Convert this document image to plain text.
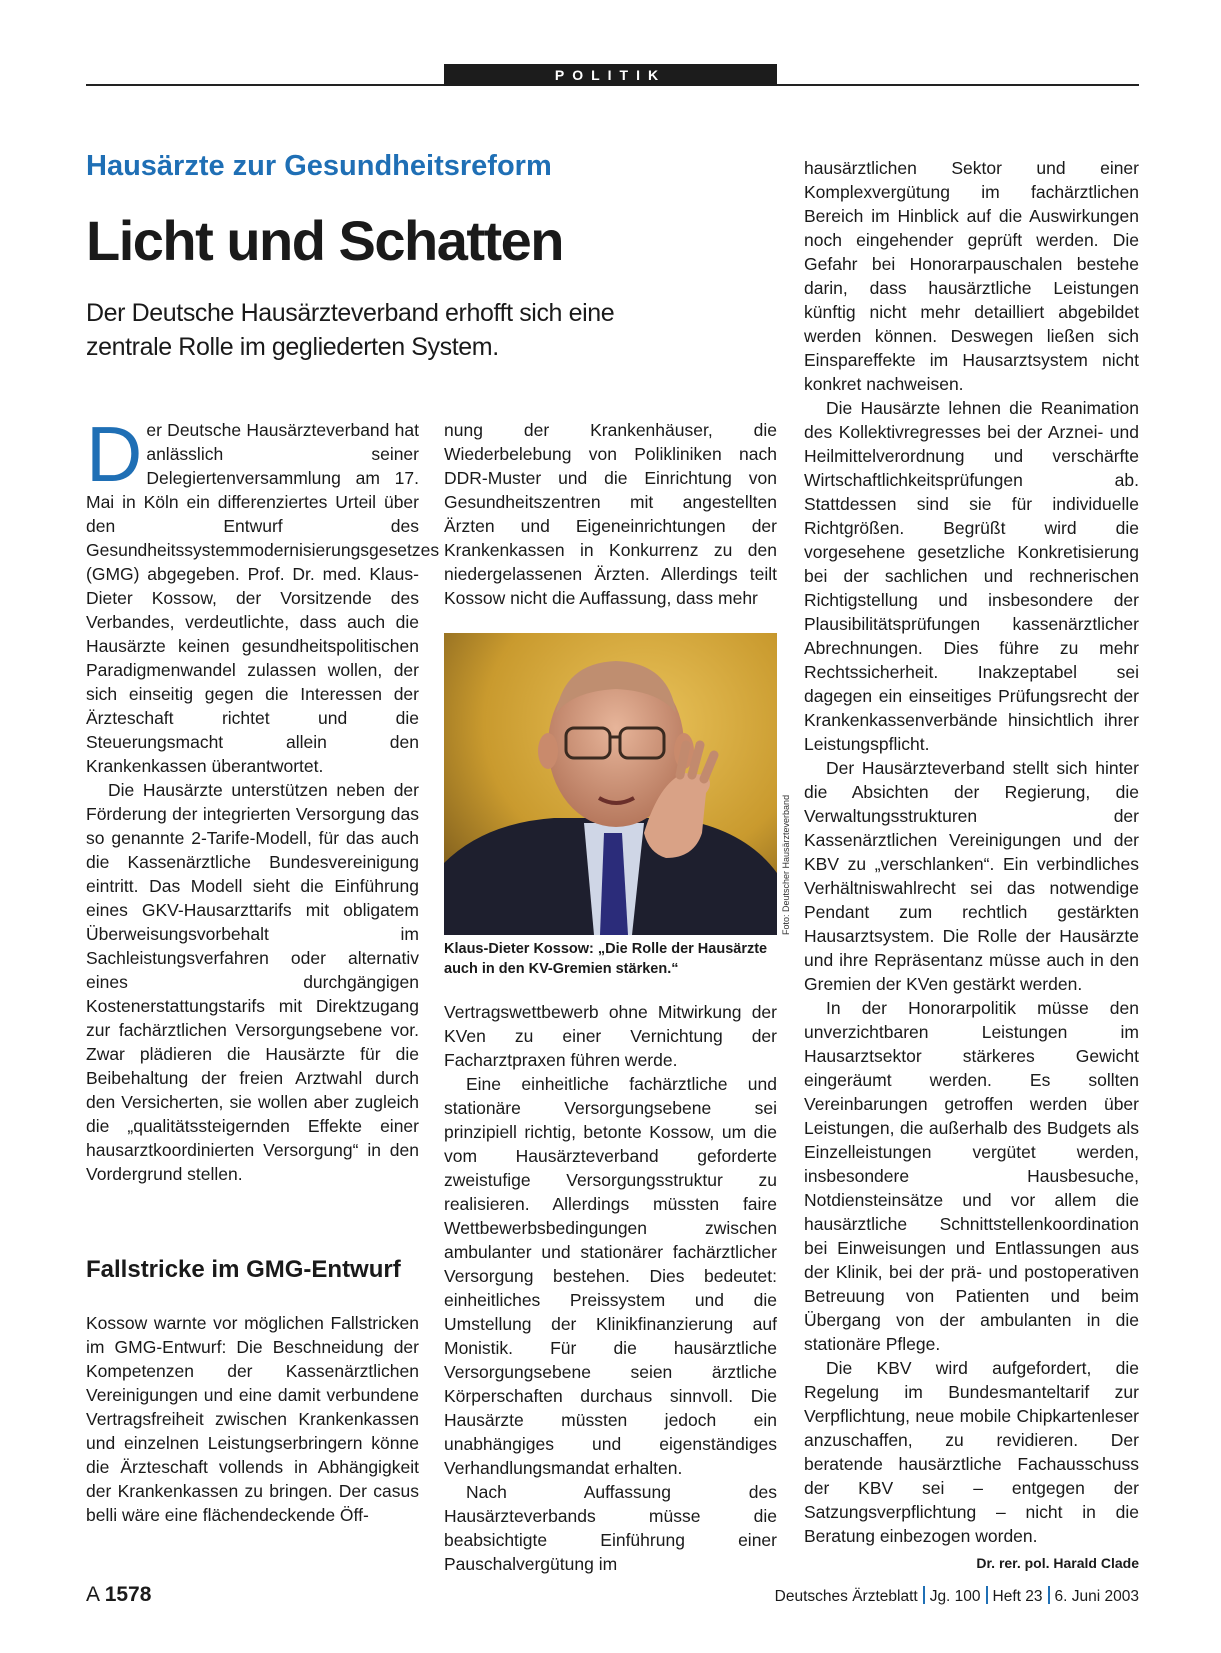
POLITIK
Hausärzte zur Gesundheitsreform
Licht und Schatten
Der Deutsche Hausärzteverband erhofft sich eine zentrale Rolle im gegliederten System.

Der Deutsche Hausärzteverband hat anlässlich seiner Delegiertenversammlung am 17. Mai in Köln ein differenziertes Urteil über den Entwurf des Gesundheitssystemmodernisierungsgesetzes (GMG) abgegeben. Prof. Dr. med. Klaus-Dieter Kossow, der Vorsitzende des Verbandes, verdeutlichte, dass auch die Hausärzte keinen gesundheitspolitischen Paradigmenwandel zulassen wollen, der sich einseitig gegen die Interessen der Ärzteschaft richtet und die Steuerungsmacht allein den Krankenkassen überantwortet.

Die Hausärzte unterstützen neben der Förderung der integrierten Versorgung das so genannte 2-Tarife-Modell, für das auch die Kassenärztliche Bundesvereinigung eintritt. Das Modell sieht die Einführung eines GKV-Hausarzttarifs mit obligatem Überweisungsvorbehalt im Sachleistungsverfahren oder alternativ eines durchgängigen Kostenerstattungstarifs mit Direktzugang zur fachärztlichen Versorgungsebene vor. Zwar plädieren die Hausärzte für die Beibehaltung der freien Arztwahl durch den Versicherten, sie wollen aber zugleich die „qualitätssteigernden Effekte einer hausarztkoordinierten Versorgung“ in den Vordergrund stellen.

Fallstricke im GMG-Entwurf

Kossow warnte vor möglichen Fallstricken im GMG-Entwurf: Die Beschneidung der Kompetenzen der Kassenärztlichen Vereinigungen und eine damit verbundene Vertragsfreiheit zwischen Krankenkassen und einzelnen Leistungserbringern könne die Ärzteschaft vollends in Abhängigkeit der Krankenkassen zu bringen. Der casus belli wäre eine flächendeckende Öff-

nung der Krankenhäuser, die Wiederbelebung von Polikliniken nach DDR-Muster und die Einrichtung von Gesundheitszentren mit angestellten Ärzten und Eigeneinrichtungen der Krankenkassen in Konkurrenz zu den niedergelassenen Ärzten. Allerdings teilt Kossow nicht die Auffassung, dass mehr

Foto: Deutscher Hausärzteverband
Klaus-Dieter Kossow: „Die Rolle der Hausärzte auch in den KV-Gremien stärken.“

Vertragswettbewerb ohne Mitwirkung der KVen zu einer Vernichtung der Facharztpraxen führen werde.

Eine einheitliche fachärztliche und stationäre Versorgungsebene sei prinzipiell richtig, betonte Kossow, um die vom Hausärzteverband geforderte zweistufige Versorgungsstruktur zu realisieren. Allerdings müssten faire Wettbewerbsbedingungen zwischen ambulanter und stationärer fachärztlicher Versorgung bestehen. Dies bedeutet: einheitliches Preissystem und die Umstellung der Klinikfinanzierung auf Monistik. Für die hausärztliche Versorgungsebene seien ärztliche Körperschaften durchaus sinnvoll. Die Hausärzte müssten jedoch ein unabhängiges und eigenständiges Verhandlungsmandat erhalten.

Nach Auffassung des Hausärzteverbands müsse die beabsichtigte Einführung einer Pauschalvergütung im

hausärztlichen Sektor und einer Komplexvergütung im fachärztlichen Bereich im Hinblick auf die Auswirkungen noch eingehender geprüft werden. Die Gefahr bei Honorarpauschalen bestehe darin, dass hausärztliche Leistungen künftig nicht mehr detailliert abgebildet werden können. Deswegen ließen sich Einspareffekte im Hausarztsystem nicht konkret nachweisen.

Die Hausärzte lehnen die Reanimation des Kollektivregresses bei der Arznei- und Heilmittelverordnung und verschärfte Wirtschaftlichkeitsprüfungen ab. Stattdessen sind sie für individuelle Richtgrößen. Begrüßt wird die vorgesehene gesetzliche Konkretisierung bei der sachlichen und rechnerischen Richtigstellung und insbesondere der Plausibilitätsprüfungen kassenärztlicher Abrechnungen. Dies führe zu mehr Rechtssicherheit. Inakzeptabel sei dagegen ein einseitiges Prüfungsrecht der Krankenkassenverbände hinsichtlich ihrer Leistungspflicht.

Der Hausärzteverband stellt sich hinter die Absichten der Regierung, die Verwaltungsstrukturen der Kassenärztlichen Vereinigungen und der KBV zu „verschlanken“. Ein verbindliches Verhältniswahlrecht sei das notwendige Pendant zum rechtlich gestärkten Hausarztsystem. Die Rolle der Hausärzte und ihre Repräsentanz müsse auch in den Gremien der KVen gestärkt werden.

In der Honorarpolitik müsse den unverzichtbaren Leistungen im Hausarztsektor stärkeres Gewicht eingeräumt werden. Es sollten Vereinbarungen getroffen werden über Leistungen, die außerhalb des Budgets als Einzelleistungen vergütet werden, insbesondere Hausbesuche, Notdiensteinsätze und vor allem die hausärztliche Schnittstellenkoordination bei Einweisungen und Entlassungen aus der Klinik, bei der prä- und postoperativen Betreuung von Patienten und beim Übergang von der ambulanten in die stationäre Pflege.

Die KBV wird aufgefordert, die Regelung im Bundesmanteltarif zur Verpflichtung, neue mobile Chipkartenleser anzuschaffen, zu revidieren. Der beratende hausärztliche Fachausschuss der KBV sei – entgegen der Satzungsverpflichtung – nicht in die Beratung einbezogen worden.
Dr. rer. pol. Harald Clade

A 1578	Deutsches Ärzteblatt Jg. 100 Heft 23 6. Juni 2003
